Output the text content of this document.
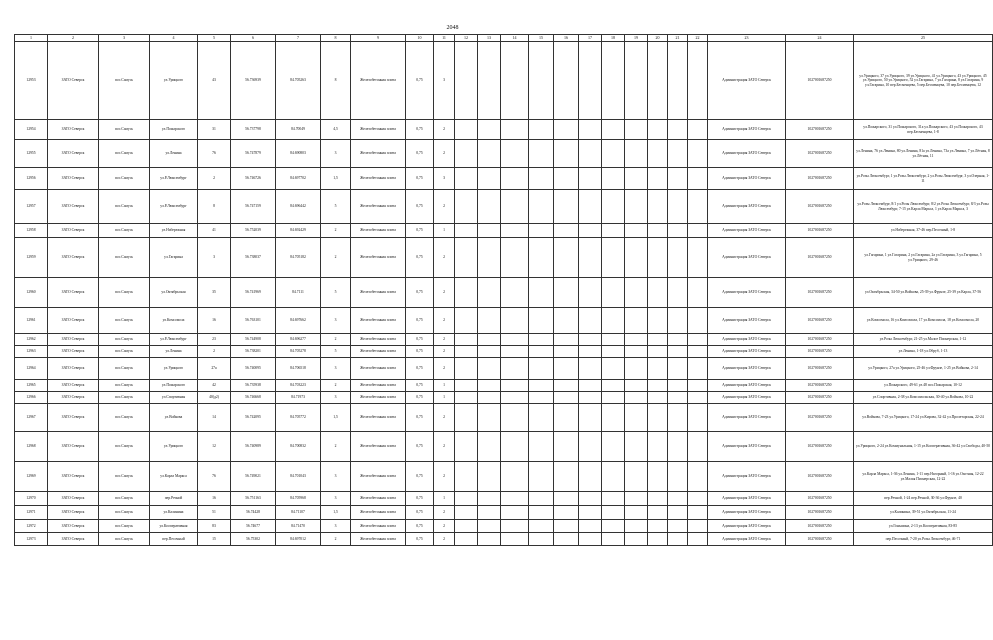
2048
1	2	3	4	5	6	7	8	9	10	11	12	13	14	15	16	17	18	19	20	21	22	23	24	25
12953	ЗАТО Северск	пос.Самусь	ул.Урицкого	43	56.736939	84.705263	8	Железобетонная плита	0,75	3												Администрация ЗАТО Северск	1027001687250	ул.Урицкого, 37 ул.Урицкого, 39 ул.Урицкого, 41 ул.Урицкого, 43 ул.Урицкого, 45 ул.Урицкого, 50 ул.Урицкого, 52 ул.Гагарина, 7 ул.Гагарина, 8 ул.Гагарина, 9 ул.Гагарина, 10 пер.Бесменцева, 5 пер.Бесменцева, 10 пер.Бесменцева, 12
12954	ЗАТО Северск	пос.Самусь	ул.Пожарского	31	56.737798	84.70049	4,5	Железобетонная плита	0,75	2												Администрация ЗАТО Северск	1027001687250	ул.Пожарского, 31 ул.Пожарского, 31а ул.Пожарского, 43 ул.Пожарского, 43 пер.Бесменцева, 1-8
12955	ЗАТО Северск	пос.Самусь	ул.Ленина	76	56.747879	84.690803	3	Железобетонная плита	0,75	2												Администрация ЗАТО Северск	1027001687250	ул.Ленина, 76 ул.Ленина, 80 ул.Ленина, 81а ул.Ленина, 73а ул.Ленина, 7 ул.Лётная, 8 ул.Лётная, 11
12956	ЗАТО Северск	пос.Самусь	ул.Р.Люксембург	2	56.746726	84.697702	1,5	Железобетонная плита	0,75	3												Администрация ЗАТО Северск	1027001687250	ул.Розы Люксембург, 1 ул.Розы Люксембург, 2 ул.Розы Люксембург, 3 ул.Озерная, 1-11
12957	ЗАТО Северск	пос.Самусь	ул.Р.Люксембург	8	56.747159	84.696442	5	Железобетонная плита	0,75	2												Администрация ЗАТО Северск	1027001687250	ул.Розы Люксембург, 8/1 ул.Розы Люксембург, 8/2 ул.Розы Люксембург, 8/3 ул.Розы Люксембург, 7-15 ул.Карла Маркса, 1 ул.Карла Маркса, 3
12958	ЗАТО Северск	пос.Самусь	ул.Набережная	41	56.752039	84.692429	2	Железобетонная плита	0,75	1												Администрация ЗАТО Северск	1027001687250	ул.Набережная, 37-46 пер.Песочный, 1-8
12959	ЗАТО Северск	пос.Самусь	ул.Гагарина	3	56.738037	84.705182	2	Железобетонная плита	0,75	2												Администрация ЗАТО Северск	1027001687250	ул.Гагарина, 1 ул.Гагарина, 2 ул.Гагарина, 2а ул.Гагарина, 3 ул.Гагарина, 5 ул.Урицкого, 29-46
12960	ЗАТО Северск	пос.Самусь	ул.Октябрьская	35	56.741969	84.7111	5	Железобетонная плита	0,75	2												Администрация ЗАТО Северск	1027001687250	ул.Октябрьская, 34-50 ул.Войкова, 25-39 ул.Фрунзе, 25-39 ул.Карла, 37-56
12961	ЗАТО Северск	пос.Самусь	ул.Комсомола	16	56.763101	84.697662	3	Железобетонная плита	0,75	2												Администрация ЗАТО Северск	1027001687250	ул.Комсомола, 16 ул.Комсомола, 17 ул.Комсомола, 18 ул.Комсомола, 20
12962	ЗАТО Северск	пос.Самусь	ул.Р.Люксембург	23	56.744908	84.696277	2	Железобетонная плита	0,75	2												Администрация ЗАТО Северск	1027001687250	ул.Розы Люксембург, 21-25 ул.Малое Пионерская, 1-12
12963	ЗАТО Северск	пос.Самусь	ул.Ленина	2	56.738201	84.705278	5	Железобетонная плита	0,75	2												Администрация ЗАТО Северск	1027001687250	ул.Ленина, 1-18 ул.Обруб, 1-13
12964	ЗАТО Северск	пос.Самусь	ул.Урицкого	27а	56.740095	84.706518	3	Железобетонная плита	0,75	2												Администрация ЗАТО Северск	1027001687250	ул.Урицкого, 27а ул.Урицкого, 25-46 ул.Фрунзе, 1-25 ул.Войкова, 2-14
12965	ЗАТО Северск	пос.Самусь	ул.Пожарского	42	56.735938	84.703223	2	Железобетонная плита	0,75	1												Администрация ЗАТО Северск	1027001687250	ул.Пожарского, 49-61 ул.48 пос.Пожарская, 10-12
12966	ЗАТО Северск	пос.Самусь	ул.Спортивная	40(д2)	56.746668	84.71973	3	Железобетонная плита	0,75	1												Администрация ЗАТО Северск	1027001687250	ул.Спортивная, 2-38 ул.Комсомольская, 30-40 ул.Войкова, 10-22
12967	ЗАТО Северск	пос.Самусь	ул.Войкова	14	56.742095	84.705772	1,5	Железобетонная плита	0,75	2												Администрация ЗАТО Северск	1027001687250	ул.Войкова, 7-23 ул.Урицкого, 17-24 ул.Кирова, 32-42 ул.Пролетарская, 22-24
12968	ЗАТО Северск	пос.Самусь	ул.Урицкого	12	56.740989	84.700832	2	Железобетонная плита	0,75	2												Администрация ЗАТО Северск	1027001687250	ул.Урицкого, 2-24 ул.Коммунальная, 1-15 ул.Кооперативная, 36-42 ул.Свободы, 40-50
12969	ЗАТО Северск	пос.Самусь	ул.Карла Маркса	76	56.749021	84.701043	3	Железобетонная плита	0,75	2												Администрация ЗАТО Северск	1027001687250	ул.Карла Маркса, 1-36 ул.Ленина, 1-11 пер.Нагорный, 1-16 ул.Охотная, 12-22 ул.Малая Пионерская, 12-22
12970	ЗАТО Северск	пос.Самусь	пер.Речной	16	56.751163	84.705968	3	Железобетонная плита	0,75	1												Администрация ЗАТО Северск	1027001687250	пер.Речной, 1-24 пер.Речной, 30-36 ул.Фрунзе, 40
12971	ЗАТО Северск	пос.Самусь	ул.Калинина	51	56.74428	84.71107	1,5	Железобетонная плита	0,75	2												Администрация ЗАТО Северск	1027001687250	ул.Калинина, 39-51 ул.Октябрьская, 11-24
12972	ЗАТО Северск	пос.Самусь	ул.Кооперативная	83	56.74677	84.71470	3	Железобетонная плита	0,75	2												Администрация ЗАТО Северск	1027001687250	ул.Гоньшина, 2-13 ул.Кооперативная, 83-85
12973	ЗАТО Северск	пос.Самусь	пер.Песочный	15	56.75302	84.697012	2	Железобетонная плита	0,75	2												Администрация ЗАТО Северск	1027001687250	пер.Песочный, 7-20 ул.Розы Люксембург, 46-71
